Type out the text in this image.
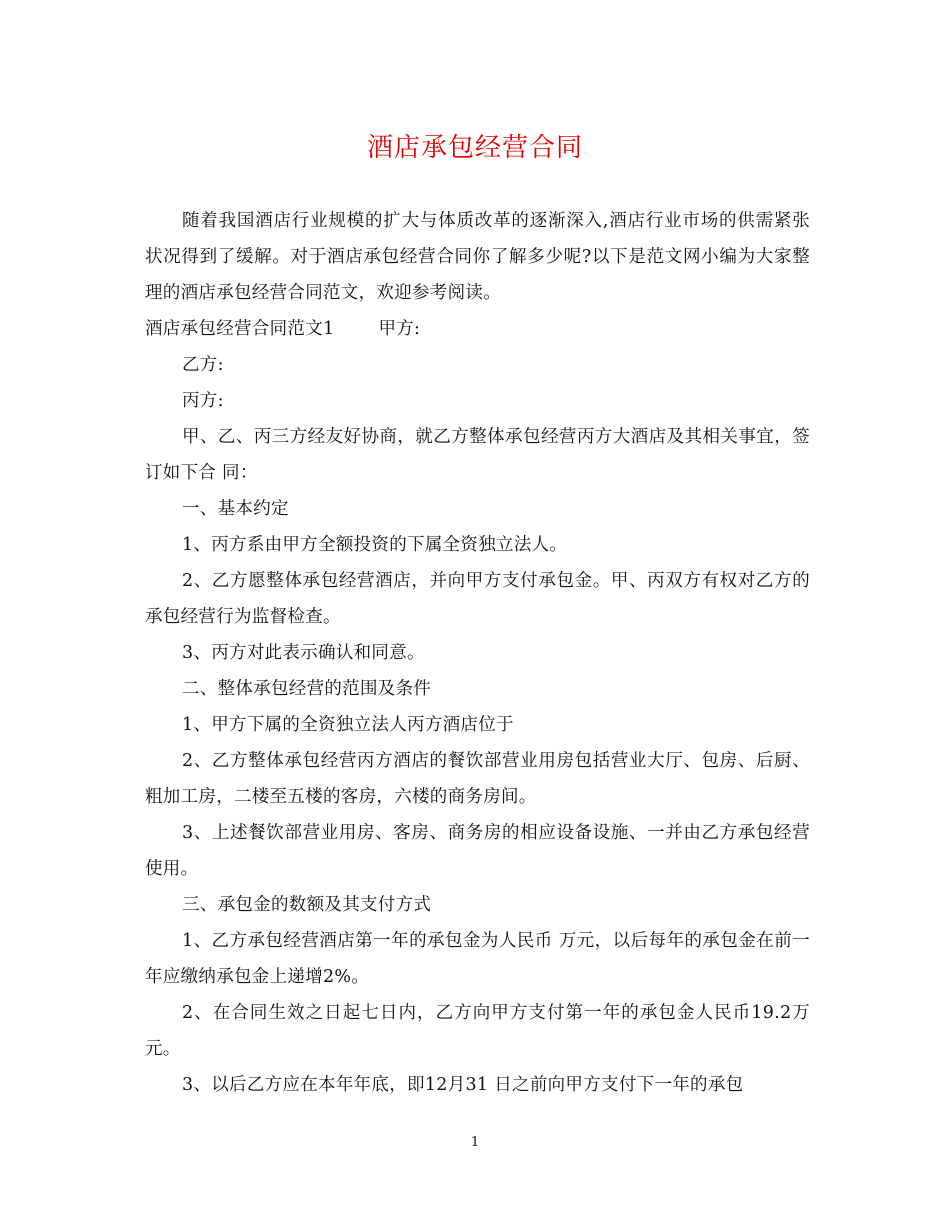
酒店承包经营合同

随着我国酒店行业规模的扩大与体质改革的逐渐深入,酒店行业市场的供需紧张状况得到了缓解。对于酒店承包经营合同你了解多少呢?以下是范文网小编为大家整理的酒店承包经营合同范文，欢迎参考阅读。

酒店承包经营合同范文1	甲方:

乙方:

丙方:

甲、乙、丙三方经友好协商，就乙方整体承包经营丙方大酒店及其相关事宜，签订如下合 同：

一、基本约定

1、丙方系由甲方全额投资的下属全资独立法人。

2、乙方愿整体承包经营酒店，并向甲方支付承包金。甲、丙双方有权对乙方的承包经营行为监督检查。

3、丙方对此表示确认和同意。

二、整体承包经营的范围及条件

1、甲方下属的全资独立法人丙方酒店位于

2、乙方整体承包经营丙方酒店的餐饮部营业用房包括营业大厅、包房、后厨、粗加工房，二楼至五楼的客房，六楼的商务房间。

3、上述餐饮部营业用房、客房、商务房的相应设备设施、一并由乙方承包经营使用。

三、承包金的数额及其支付方式

1、乙方承包经营酒店第一年的承包金为人民币 万元，以后每年的承包金在前一年应缴纳承包金上递增2%。

2、在合同生效之日起七日内，乙方向甲方支付第一年的承包金人民币19.2万元。

3、以后乙方应在本年年底，即12月31 日之前向甲方支付下一年的承包

1
